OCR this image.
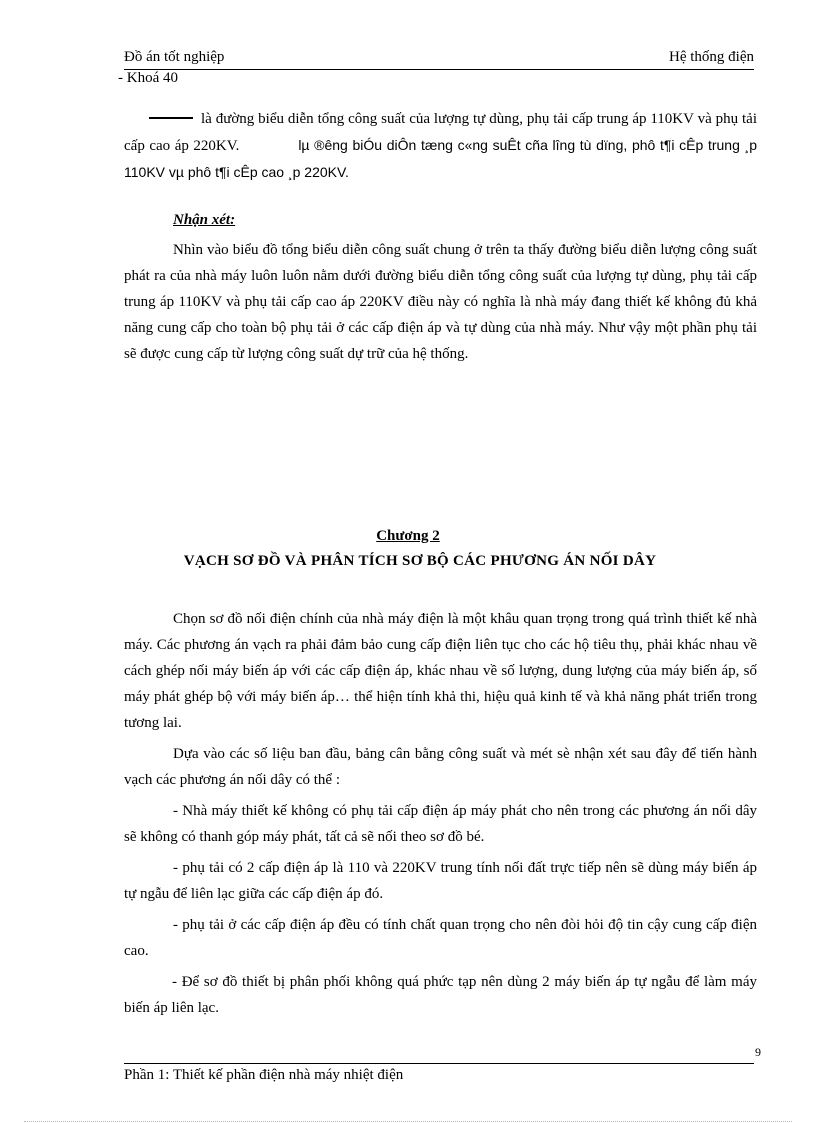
Đồ án tốt nghiệp	Hệ thống điện
- Khoá 40

là đường biểu diễn tổng công suất của lượng tự dùng, phụ tải cấp trung áp 110KV và phụ tải cấp cao áp 220KV.	lµ ®êng biÓu diÔn tæng c«ng suÊt cña lîng tù dïng, phô t¶i cÊp trung ¸p 110KV vµ phô t¶i cÊp cao ¸p 220KV.

Nhận xét:

Nhìn vào biểu đồ tổng biểu diễn công suất chung ở trên ta thấy đường biểu diễn lượng công suất phát ra của nhà máy luôn luôn nằm dưới đường biểu diễn tổng công suất của lượng tự dùng, phụ tải cấp trung áp 110KV và phụ tải cấp cao áp 220KV điều này có nghĩa là nhà máy đang thiết kế không đủ khả năng cung cấp cho toàn bộ phụ tải ở các cấp điện áp và tự dùng của nhà máy. Như vậy một phần phụ tải sẽ được cung cấp từ lượng công suất dự trữ của hệ thống.

Chương 2
VẠCH SƠ ĐỒ VÀ PHÂN TÍCH SƠ BỘ CÁC PHƯƠNG ÁN NỐI DÂY

Chọn sơ đồ nối điện chính của nhà máy điện là một khâu quan trọng trong quá trình thiết kế nhà máy. Các phương án vạch ra phải đảm bảo cung cấp điện liên tục cho các hộ tiêu thụ, phải khác nhau về cách ghép nối máy biến áp với các cấp điện áp, khác nhau về số lượng, dung lượng của máy biến áp, số máy phát ghép bộ với máy biến áp… thể hiện tính khả thi, hiệu quả kinh tế và khả năng phát triển trong tương lai.

Dựa vào các số liệu ban đầu, bảng cân bằng công suất và mét sè nhận xét sau đây để tiến hành vạch các phương án nối dây có thể :

- Nhà máy thiết kế không có phụ tải cấp điện áp máy phát cho nên trong các phương án nối dây sẽ không có thanh góp máy phát, tất cả sẽ nối theo sơ đồ bé.

- phụ tải có 2 cấp điện áp là 110 và 220KV trung tính nối đất trực tiếp nên sẽ dùng máy biến áp tự ngẫu để liên lạc giữa các cấp điện áp đó.

- phụ tải ở các cấp điện áp đều có tính chất quan trọng cho nên đòi hỏi độ tin cậy cung cấp điện cao.

- Để sơ đồ thiết bị phân phối không quá phức tạp nên dùng 2 máy biến áp tự ngẫu để làm máy biến áp liên lạc.

9
Phần 1: Thiết kế phần điện nhà máy nhiệt điện
